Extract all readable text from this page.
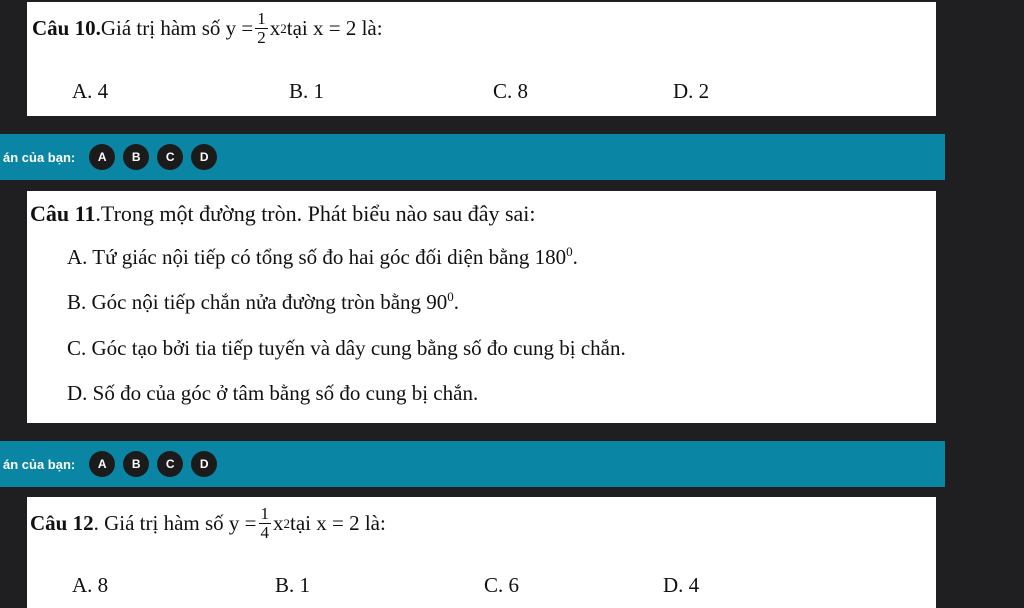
Câu 10. Giá trị hàm số $y = \frac{1}{2}$ x 2 tại x = 2 là:
A. 4	B. 1	C. 8	D. 2
án của bạn:	A	B	C	D
Câu 11 .Trong một đường tròn. Phát biểu nào sau đây sai:
A. Tứ giác nội tiếp có tổng số đo hai góc đối diện bằng $180^0$.
B. Góc nội tiếp chắn nửa đường tròn bằng $90^0$.
C. Góc tạo bởi tia tiếp tuyến và dây cung bằng số đo cung bị chắn.
D. Số đo của góc ở tâm bằng số đo cung bị chắn.
án của bạn:	A	B	C	D
Câu 12 . Giá trị hàm số $y = \frac{1}{4}$ x 2 tại x = 2 là:
A. 8	B. 1	C. 6	D. 4
